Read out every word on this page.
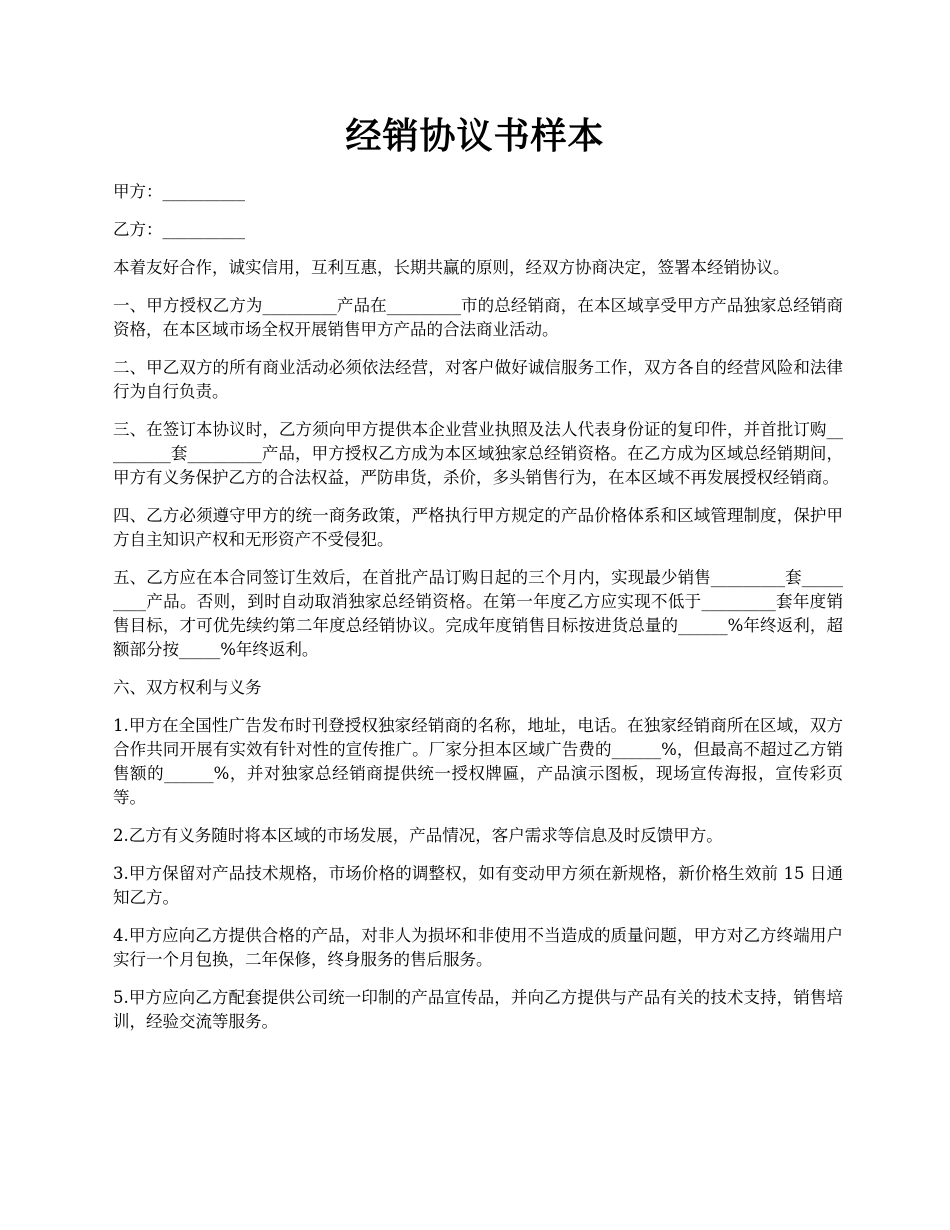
经销协议书样本

甲方：__________

乙方：__________

本着友好合作，诚实信用，互利互惠，长期共赢的原则，经双方协商决定，签署本经销协议。

一、甲方授权乙方为_________产品在_________市的总经销商，在本区域享受甲方产品独家总经销商资格，在本区域市场全权开展销售甲方产品的合法商业活动。

二、甲乙双方的所有商业活动必须依法经营，对客户做好诚信服务工作，双方各自的经营风险和法律行为自行负责。

三、在签订本协议时，乙方须向甲方提供本企业营业执照及法人代表身份证的复印件，并首批订购_________套_________产品，甲方授权乙方成为本区域独家总经销资格。在乙方成为区域总经销期间，甲方有义务保护乙方的合法权益，严防串货，杀价，多头销售行为，在本区域不再发展授权经销商。

四、乙方必须遵守甲方的统一商务政策，严格执行甲方规定的产品价格体系和区域管理制度，保护甲方自主知识产权和无形资产不受侵犯。

五、乙方应在本合同签订生效后，在首批产品订购日起的三个月内，实现最少销售_________套_________产品。否则，到时自动取消独家总经销资格。在第一年度乙方应实现不低于_________套年度销售目标，才可优先续约第二年度总经销协议。完成年度销售目标按进货总量的______%年终返利，超额部分按_____%年终返利。

六、双方权利与义务

1.甲方在全国性广告发布时刊登授权独家经销商的名称，地址，电话。在独家经销商所在区域，双方合作共同开展有实效有针对性的宣传推广。厂家分担本区域广告费的______%，但最高不超过乙方销售额的______%，并对独家总经销商提供统一授权牌匾，产品演示图板，现场宣传海报，宣传彩页等。

2.乙方有义务随时将本区域的市场发展，产品情况，客户需求等信息及时反馈甲方。

3.甲方保留对产品技术规格，市场价格的调整权，如有变动甲方须在新规格，新价格生效前 15 日通知乙方。

4.甲方应向乙方提供合格的产品，对非人为损坏和非使用不当造成的质量问题，甲方对乙方终端用户实行一个月包换，二年保修，终身服务的售后服务。

5.甲方应向乙方配套提供公司统一印制的产品宣传品，并向乙方提供与产品有关的技术支持，销售培训，经验交流等服务。
